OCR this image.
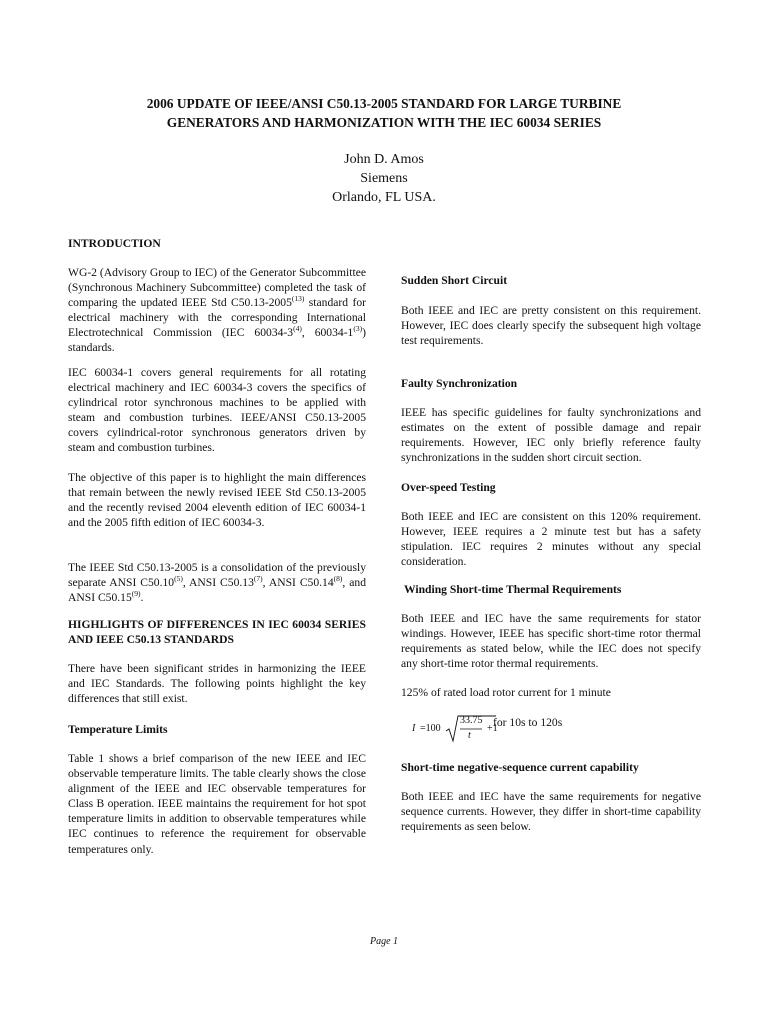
2006 UPDATE OF IEEE/ANSI C50.13-2005 STANDARD FOR LARGE TURBINE
GENERATORS AND HARMONIZATION WITH THE IEC 60034 SERIES
John D. Amos
Siemens
Orlando, FL USA.
INTRODUCTION

WG-2 (Advisory Group to IEC) of the Generator Subcommittee (Synchronous Machinery Subcommittee) completed the task of comparing the updated IEEE Std C50.13-2005$^{(13)}$ standard for electrical machinery with the corresponding International Electrotechnical Commission (IEC 60034-3$^{(4)}$, 60034-1$^{(3)}$) standards.

IEC 60034-1 covers general requirements for all rotating electrical machinery and IEC 60034-3 covers the specifics of cylindrical rotor synchronous machines to be applied with steam and combustion turbines. IEEE/ANSI C50.13-2005 covers cylindrical-rotor synchronous generators driven by steam and combustion turbines.

The objective of this paper is to highlight the main differences that remain between the newly revised IEEE Std C50.13-2005 and the recently revised 2004 eleventh edition of IEC 60034-1 and the 2005 fifth edition of IEC 60034-3.

The IEEE Std C50.13-2005 is a consolidation of the previously separate ANSI C50.10$^{(5)}$, ANSI C50.13$^{(7)}$, ANSI C50.14$^{(8)}$, and ANSI C50.15$^{(9)}$.

HIGHLIGHTS OF DIFFERENCES IN IEC 60034 SERIES AND IEEE C50.13 STANDARDS

There have been significant strides in harmonizing the IEEE and IEC Standards. The following points highlight the key differences that still exist.

Temperature Limits

Table 1 shows a brief comparison of the new IEEE and IEC observable temperature limits. The table clearly shows the close alignment of the IEEE and IEC observable temperatures for Class B operation. IEEE maintains the requirement for hot spot temperature limits in addition to observable temperatures while IEC continues to reference the requirement for observable temperatures only.

Sudden Short Circuit

Both IEEE and IEC are pretty consistent on this requirement. However, IEC does clearly specify the subsequent high voltage test requirements.

Faulty Synchronization

IEEE has specific guidelines for faulty synchronizations and estimates on the extent of possible damage and repair requirements. However, IEC only briefly reference faulty synchronizations in the sudden short circuit section.

Over-speed Testing

Both IEEE and IEC are consistent on this 120% requirement. However, IEEE requires a 2 minute test but has a safety stipulation. IEC requires 2 minutes without any special consideration.

Winding Short-time Thermal Requirements

Both IEEE and IEC have the same requirements for stator windings. However, IEEE has specific short-time rotor thermal requirements as stated below, while the IEC does not specify any short-time rotor thermal requirements.

125% of rated load rotor current for 1 minute

Short-time negative-sequence current capability

Both IEEE and IEC have the same requirements for negative sequence currents. However, they differ in short-time capability requirements as seen below.

I =100
33.75
t
+1
for 10s to 120s
Page 1
